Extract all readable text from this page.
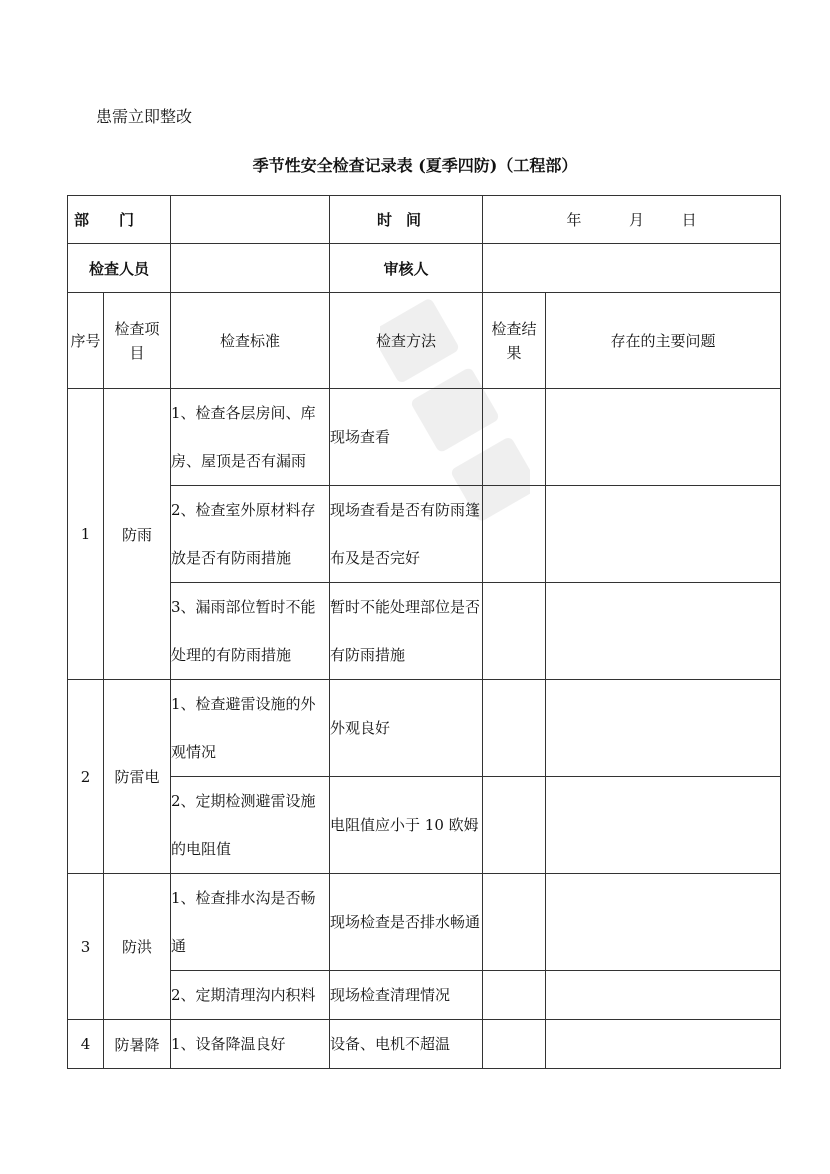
患需立即整改
季节性安全检查记录表 (夏季四防)（工程部）
部门			时间	年 月 日	
检查人员			审核人		
序号	检查项目	检查标准	检查方法	检查结果	存在的主要问题
1	防雨	1、检查各层房间、库房、屋顶是否有漏雨	现场查看		
		2、检查室外原材料存放是否有防雨措施	现场查看是否有防雨篷布及是否完好		
		3、漏雨部位暂时不能处理的有防雨措施	暂时不能处理部位是否有防雨措施		
2	防雷电	1、检查避雷设施的外观情况	外观良好		
		2、定期检测避雷设施的电阻值	电阻值应小于 10 欧姆		
3	防洪	1、检查排水沟是否畅通	现场检查是否排水畅通		
		2、定期清理沟内积料	现场检查清理情况		
4	防暑降	1、设备降温良好	设备、电机不超温		
